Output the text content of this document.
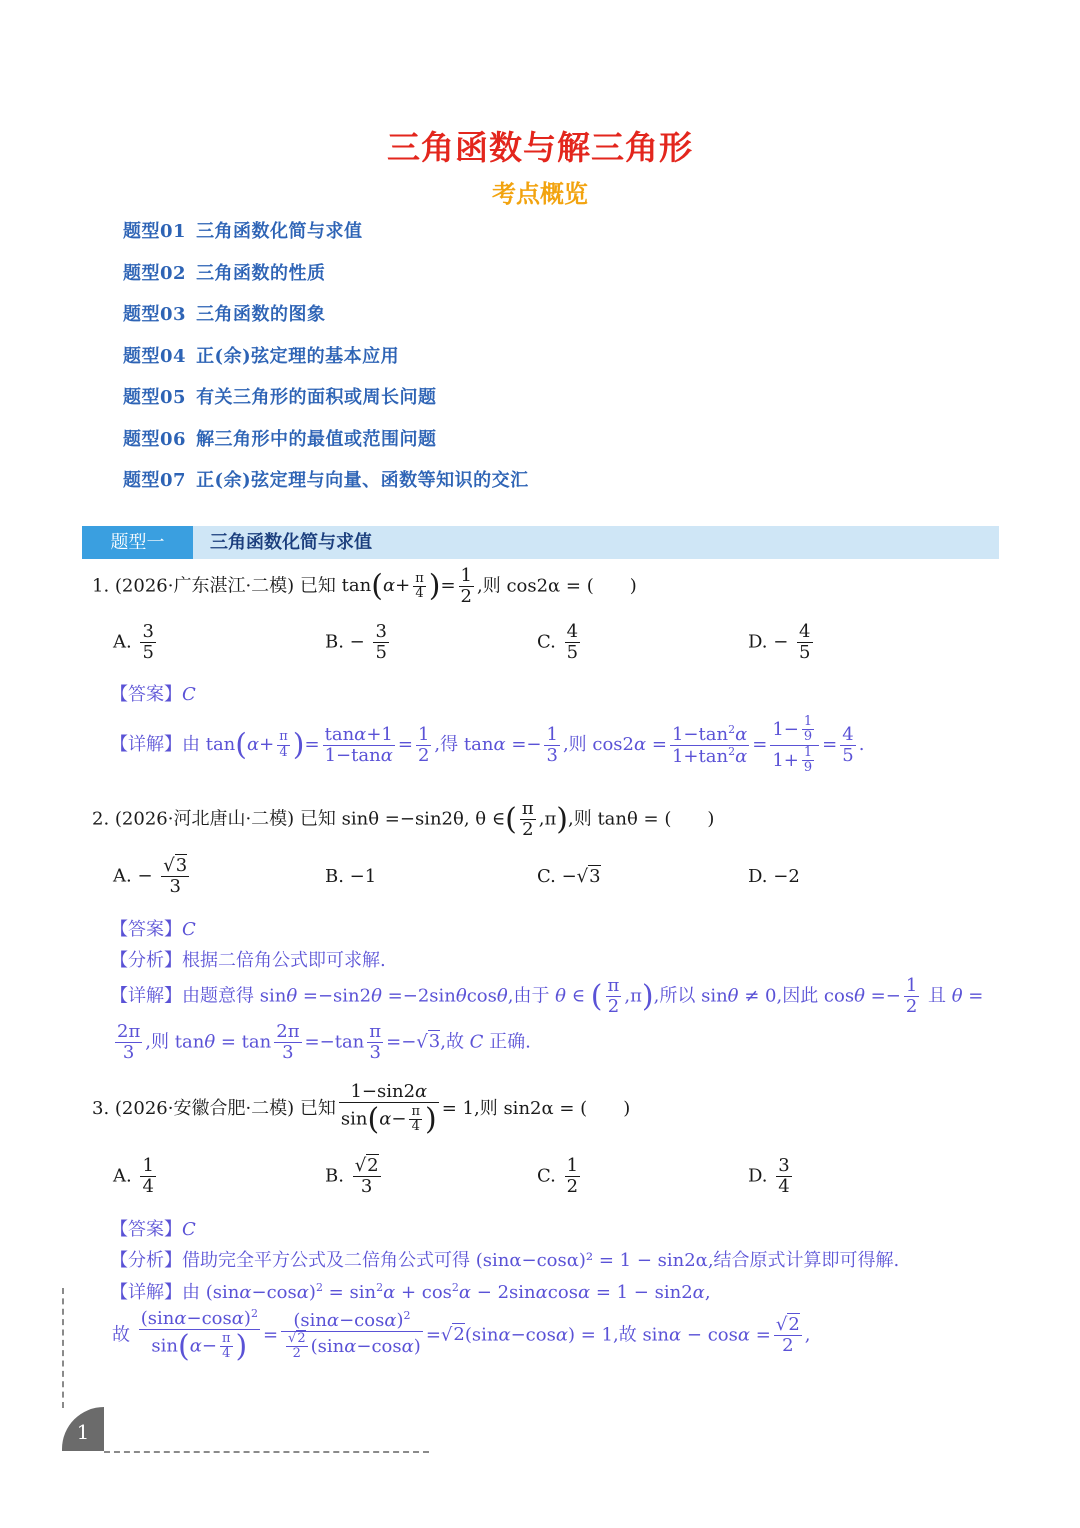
三角函数与解三角形
考点概览
题型01 三角函数化简与求值
题型02 三角函数的性质
题型03 三角函数的图象
题型04 正(余)弦定理的基本应用
题型05 有关三角形的面积或周长问题
题型06 解三角形中的最值或范围问题
题型07 正(余)弦定理与向量、函数等知识的交汇
题型一	三角函数化简与求值
1. (2026·广东湛江·二模) 已知 $\tan(\alpha+ \frac{\pi}{4}$ )= $\frac{1}{2}$ ,则 cos2α = (　　)
A. $\frac{3}{5}$	B. − $\frac{3}{5}$	C. $\frac{4}{5}$	D. − $\frac{4}{5}$
【答案】C
【详解】由 $\tan(\alpha+ \frac{\pi}{4}$ )= $\frac{\tan\alpha+1}{1-\tan\alpha} = \frac{1}{2}$ ,得 $\tan\alpha =- \frac{1}{3}$ ,则 $\cos 2\alpha = \frac{1-\tan^2\alpha}{1+\tan^2\alpha} = \frac{1- \frac{1}{9}}{1+ \frac{1}{9}} = \frac{4}{5}$ .
2. (2026·河北唐山·二模) 已知 sinθ =−sin2θ, θ ∈( $\frac{\pi}{2} ,\pi$),则 tanθ = (　　)
A. − $\frac{√3}{3}$	B. −1	C. −√3	D. −2
【答案】C
【分析】根据二倍角公式即可求解.
【详解】由题意得 sinθ =−sin2θ =−2sinθcosθ,由于 θ ∈ ( $\frac{\pi}{2} ,\pi$),所以 sinθ ≠ 0,因此 $\cos\theta =- \frac{1}{2}$ 且 θ =
$\frac{2\pi}{3}$ ,则 $\tan\theta = \tan \frac{2\pi}{3} =-\tan \frac{\pi}{3} =-√3$,故 C 正确.
3. (2026·安徽合肥·二模) 已知 $\frac{1-\sin 2\alpha}{\sin(\alpha- \frac{\pi}{4} )} = 1$,则 sin2α = (　　)
A. $\frac{1}{4}$	B. $\frac{√2}{3}$	C. $\frac{1}{2}$	D. $\frac{3}{4}$
【答案】C
【分析】借助完全平方公式及二倍角公式可得 (sinα−cosα)² = 1 − sin2α,结合原式计算即可得解.
【详解】由 $(\sin\alpha-\cos\alpha)^2 = \sin^2\alpha + \cos^2\alpha - 2\sin\alpha\cos\alpha = 1 - \sin 2\alpha$,
故 $\frac{(\sin\alpha-\cos\alpha)^2}{\sin(\alpha- \frac{\pi}{4} )} = \frac{(\sin\alpha-\cos\alpha)^2}{\frac{√2}{2} (\sin\alpha-\cos\alpha)} =√2(\sin\alpha-\cos\alpha) = 1$,故 $\sin\alpha - \cos\alpha = \frac{√2}{2}$ ,
1
